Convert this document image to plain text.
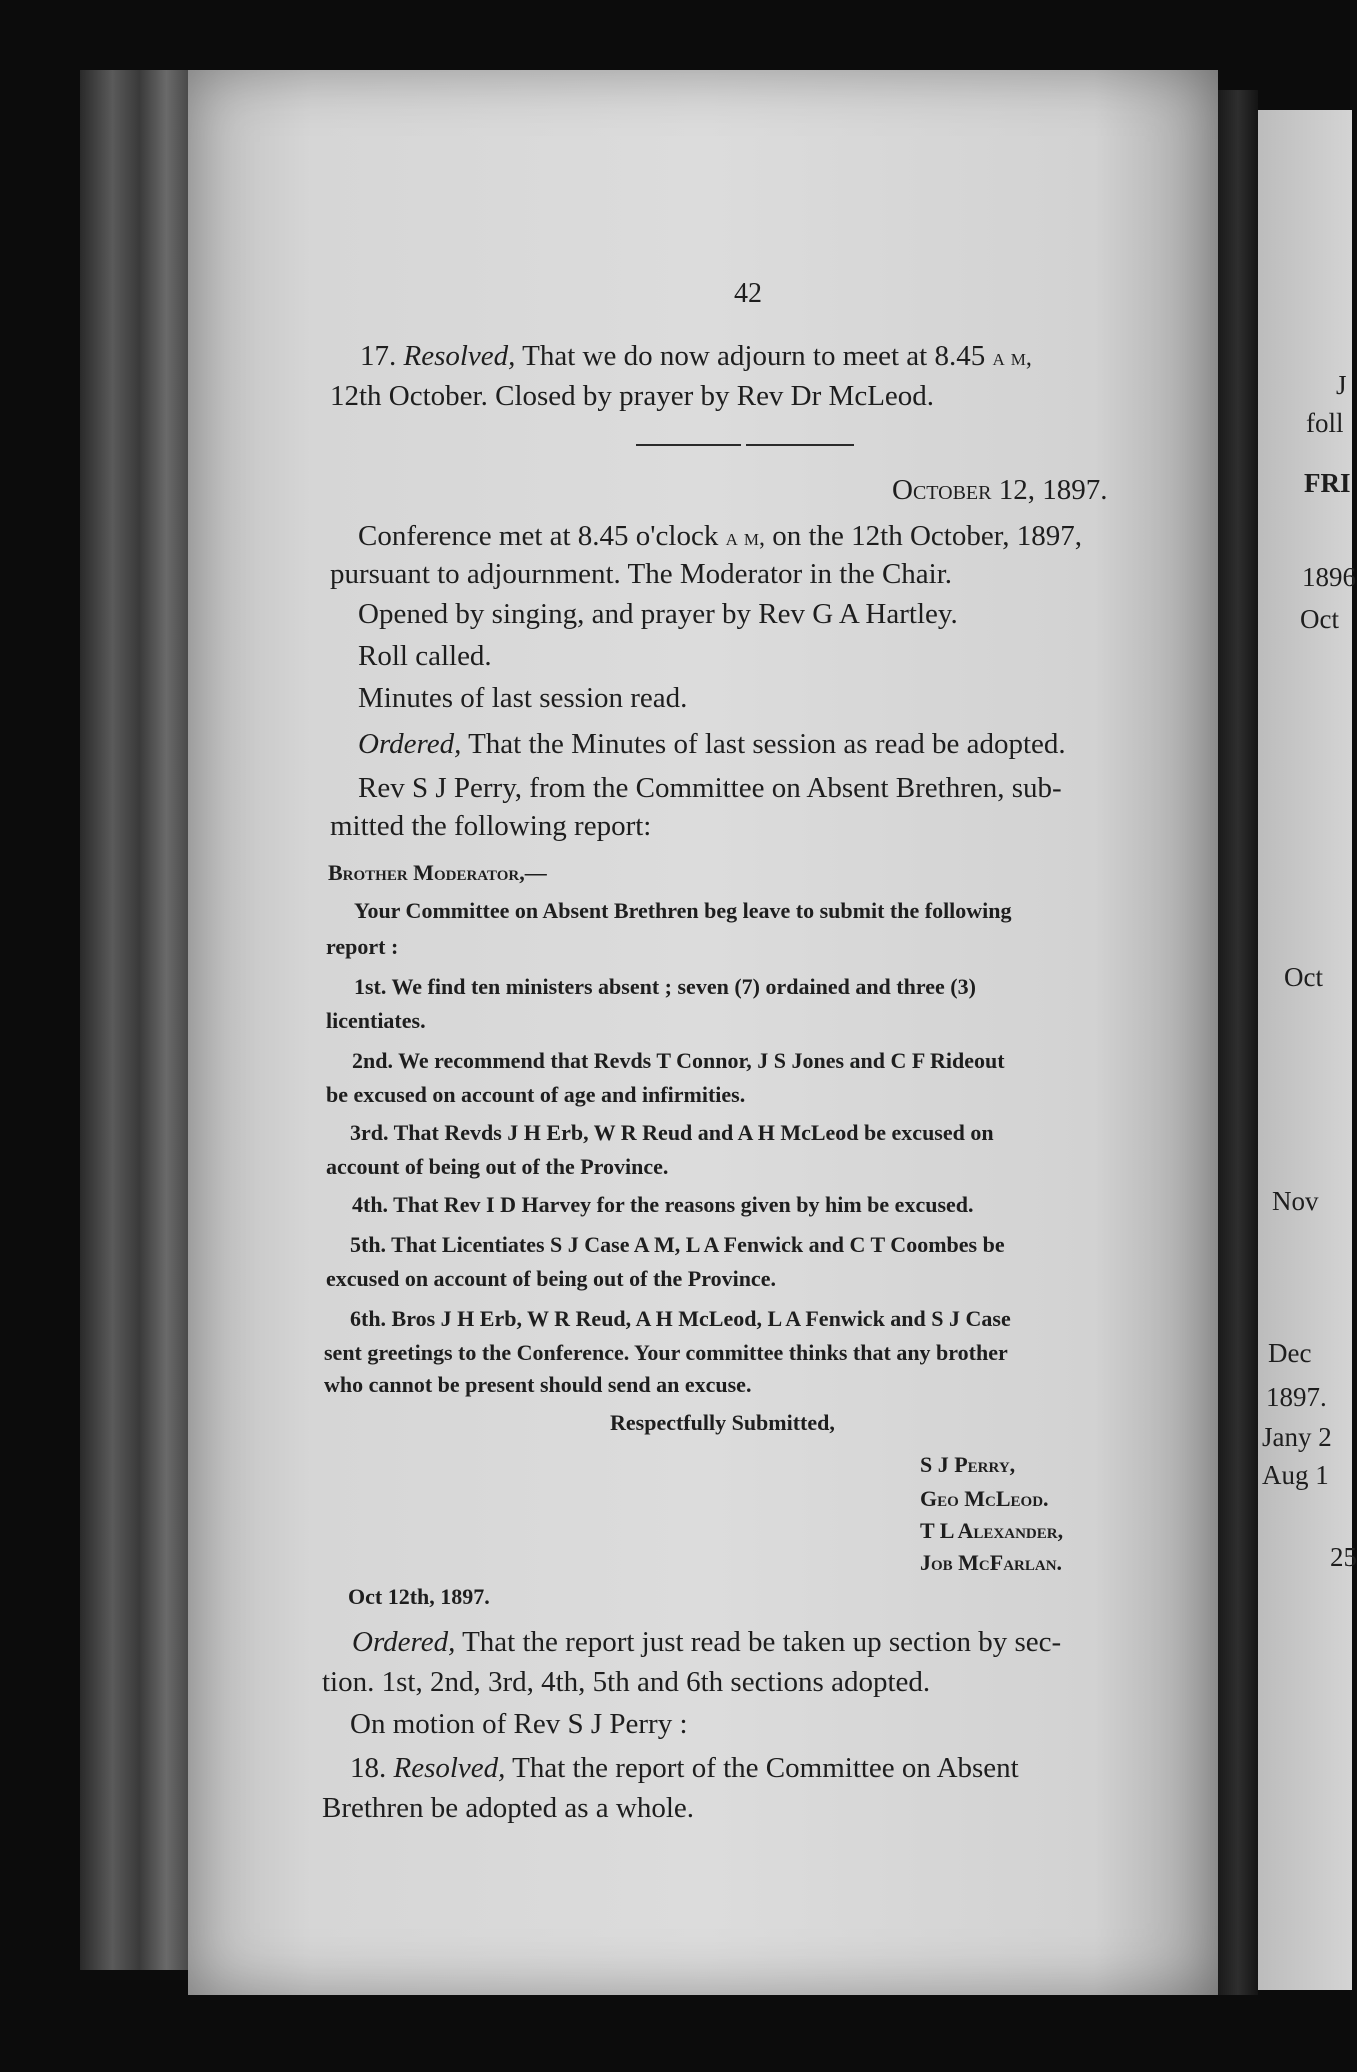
42
17. Resolved, That we do now adjourn to meet at 8.45 a m,
12th October. Closed by prayer by Rev Dr McLeod.
October 12, 1897.
Conference met at 8.45 o'clock a m, on the 12th October, 1897,
pursuant to adjournment. The Moderator in the Chair.
Opened by singing, and prayer by Rev G A Hartley.
Roll called.
Minutes of last session read.
Ordered, That the Minutes of last session as read be adopted.
Rev S J Perry, from the Committee on Absent Brethren, sub-
mitted the following report:
Brother Moderator,—
Your Committee on Absent Brethren beg leave to submit the following
report :
1st. We find ten ministers absent ; seven (7) ordained and three (3)
licentiates.
2nd. We recommend that Revds T Connor, J S Jones and C F Rideout
be excused on account of age and infirmities.
3rd. That Revds J H Erb, W R Reud and A H McLeod be excused on
account of being out of the Province.
4th. That Rev I D Harvey for the reasons given by him be excused.
5th. That Licentiates S J Case A M, L A Fenwick and C T Coombes be
excused on account of being out of the Province.
6th. Bros J H Erb, W R Reud, A H McLeod, L A Fenwick and S J Case
sent greetings to the Conference. Your committee thinks that any brother
who cannot be present should send an excuse.
Respectfully Submitted,
S J Perry,
Geo McLeod.
T L Alexander,
Job McFarlan.
Oct 12th, 1897.
Ordered, That the report just read be taken up section by sec-
tion. 1st, 2nd, 3rd, 4th, 5th and 6th sections adopted.
On motion of Rev S J Perry :
18. Resolved, That the report of the Committee on Absent
Brethren be adopted as a whole.
J
foll
FRI
1896
Oct
Oct
Nov
Dec
1897.
Jany 2
Aug 1
25
